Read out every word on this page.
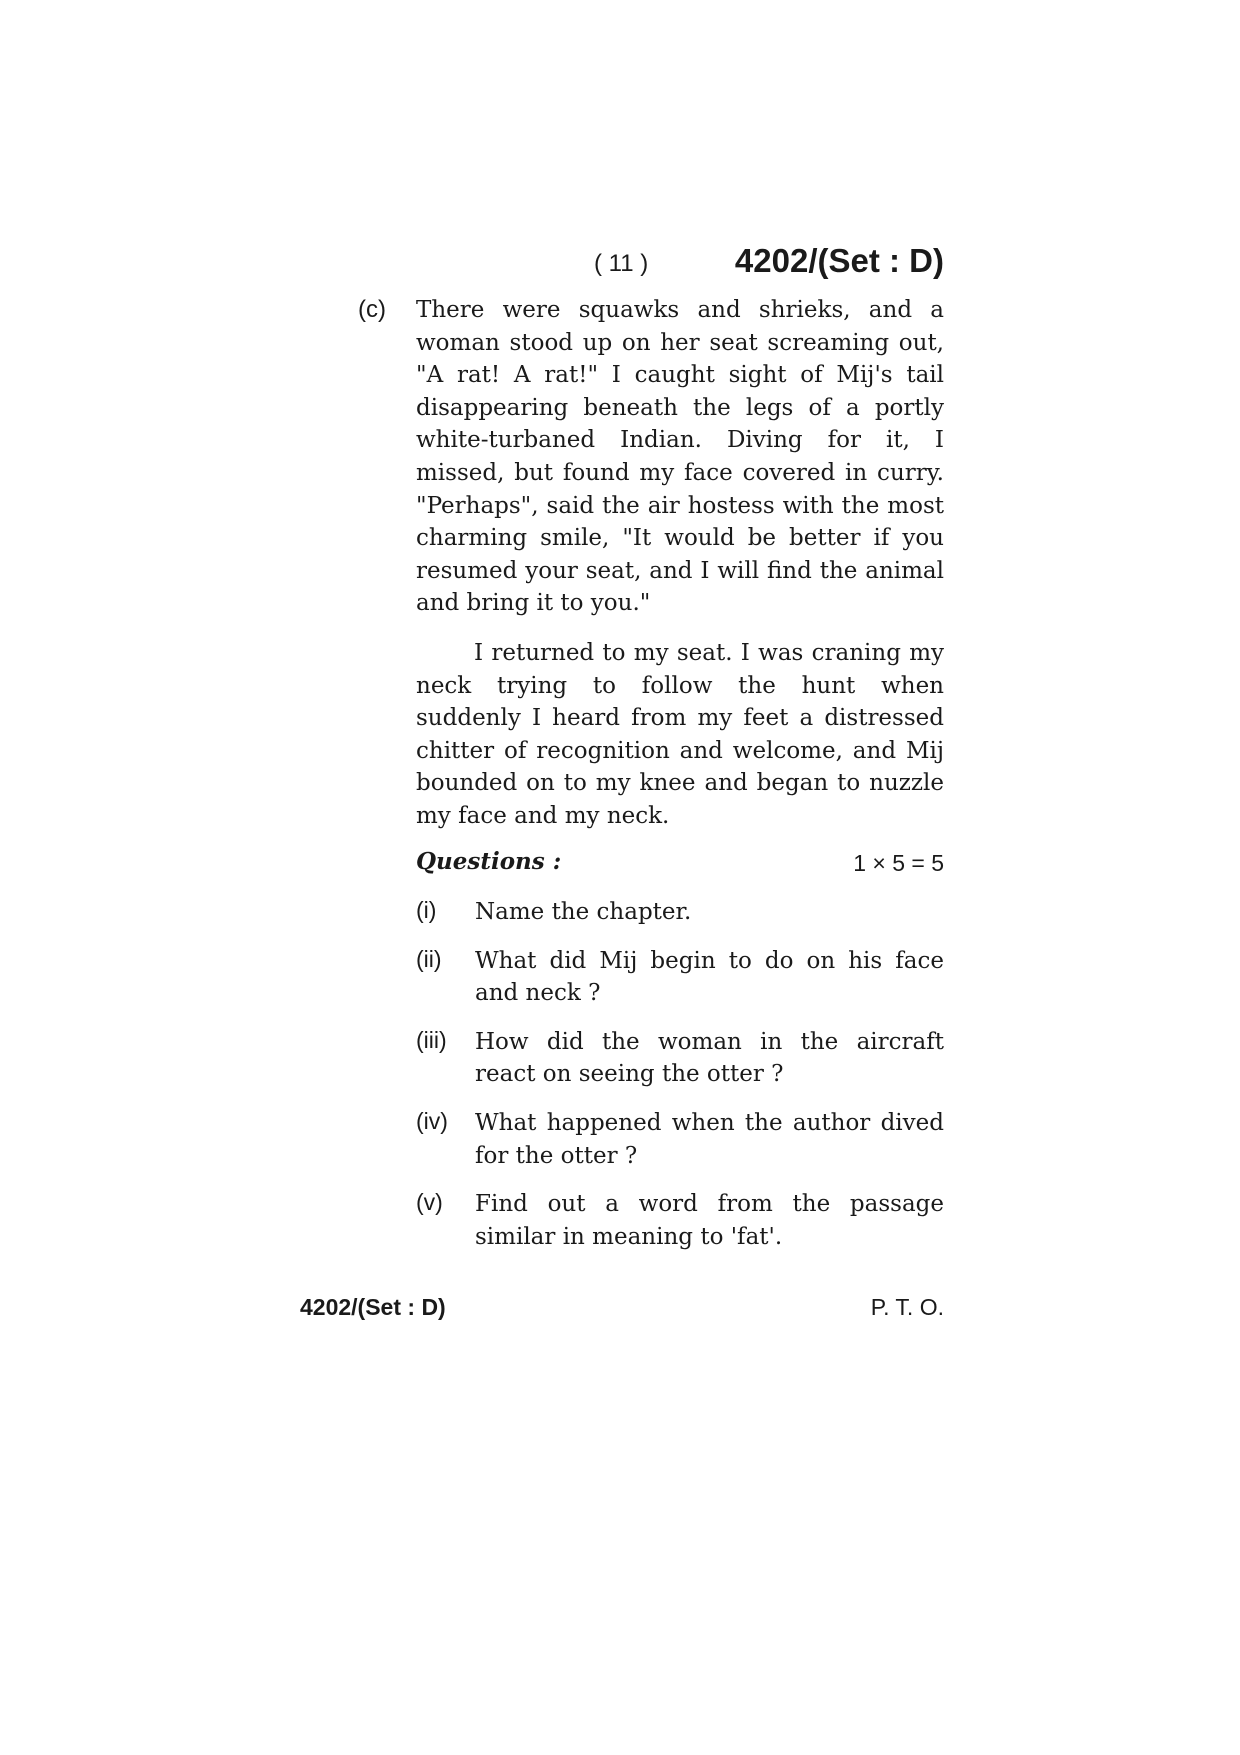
( 11 )	4202/(Set : D)
(c) There were squawks and shrieks, and a woman stood up on her seat screaming out, "A rat! A rat!" I caught sight of Mij's tail disappearing beneath the legs of a portly white-turbaned Indian. Diving for it, I missed, but found my face covered in curry. "Perhaps", said the air hostess with the most charming smile, "It would be better if you resumed your seat, and I will find the animal and bring it to you."

I returned to my seat. I was craning my neck trying to follow the hunt when suddenly I heard from my feet a distressed chitter of recognition and welcome, and Mij bounded on to my knee and began to nuzzle my face and my neck.

Questions :	1 × 5 = 5
(i) Name the chapter.
(ii) What did Mij begin to do on his face and neck ?
(iii) How did the woman in the aircraft react on seeing the otter ?
(iv) What happened when the author dived for the otter ?
(v) Find out a word from the passage similar in meaning to 'fat'.
4202/(Set : D)	P. T. O.
